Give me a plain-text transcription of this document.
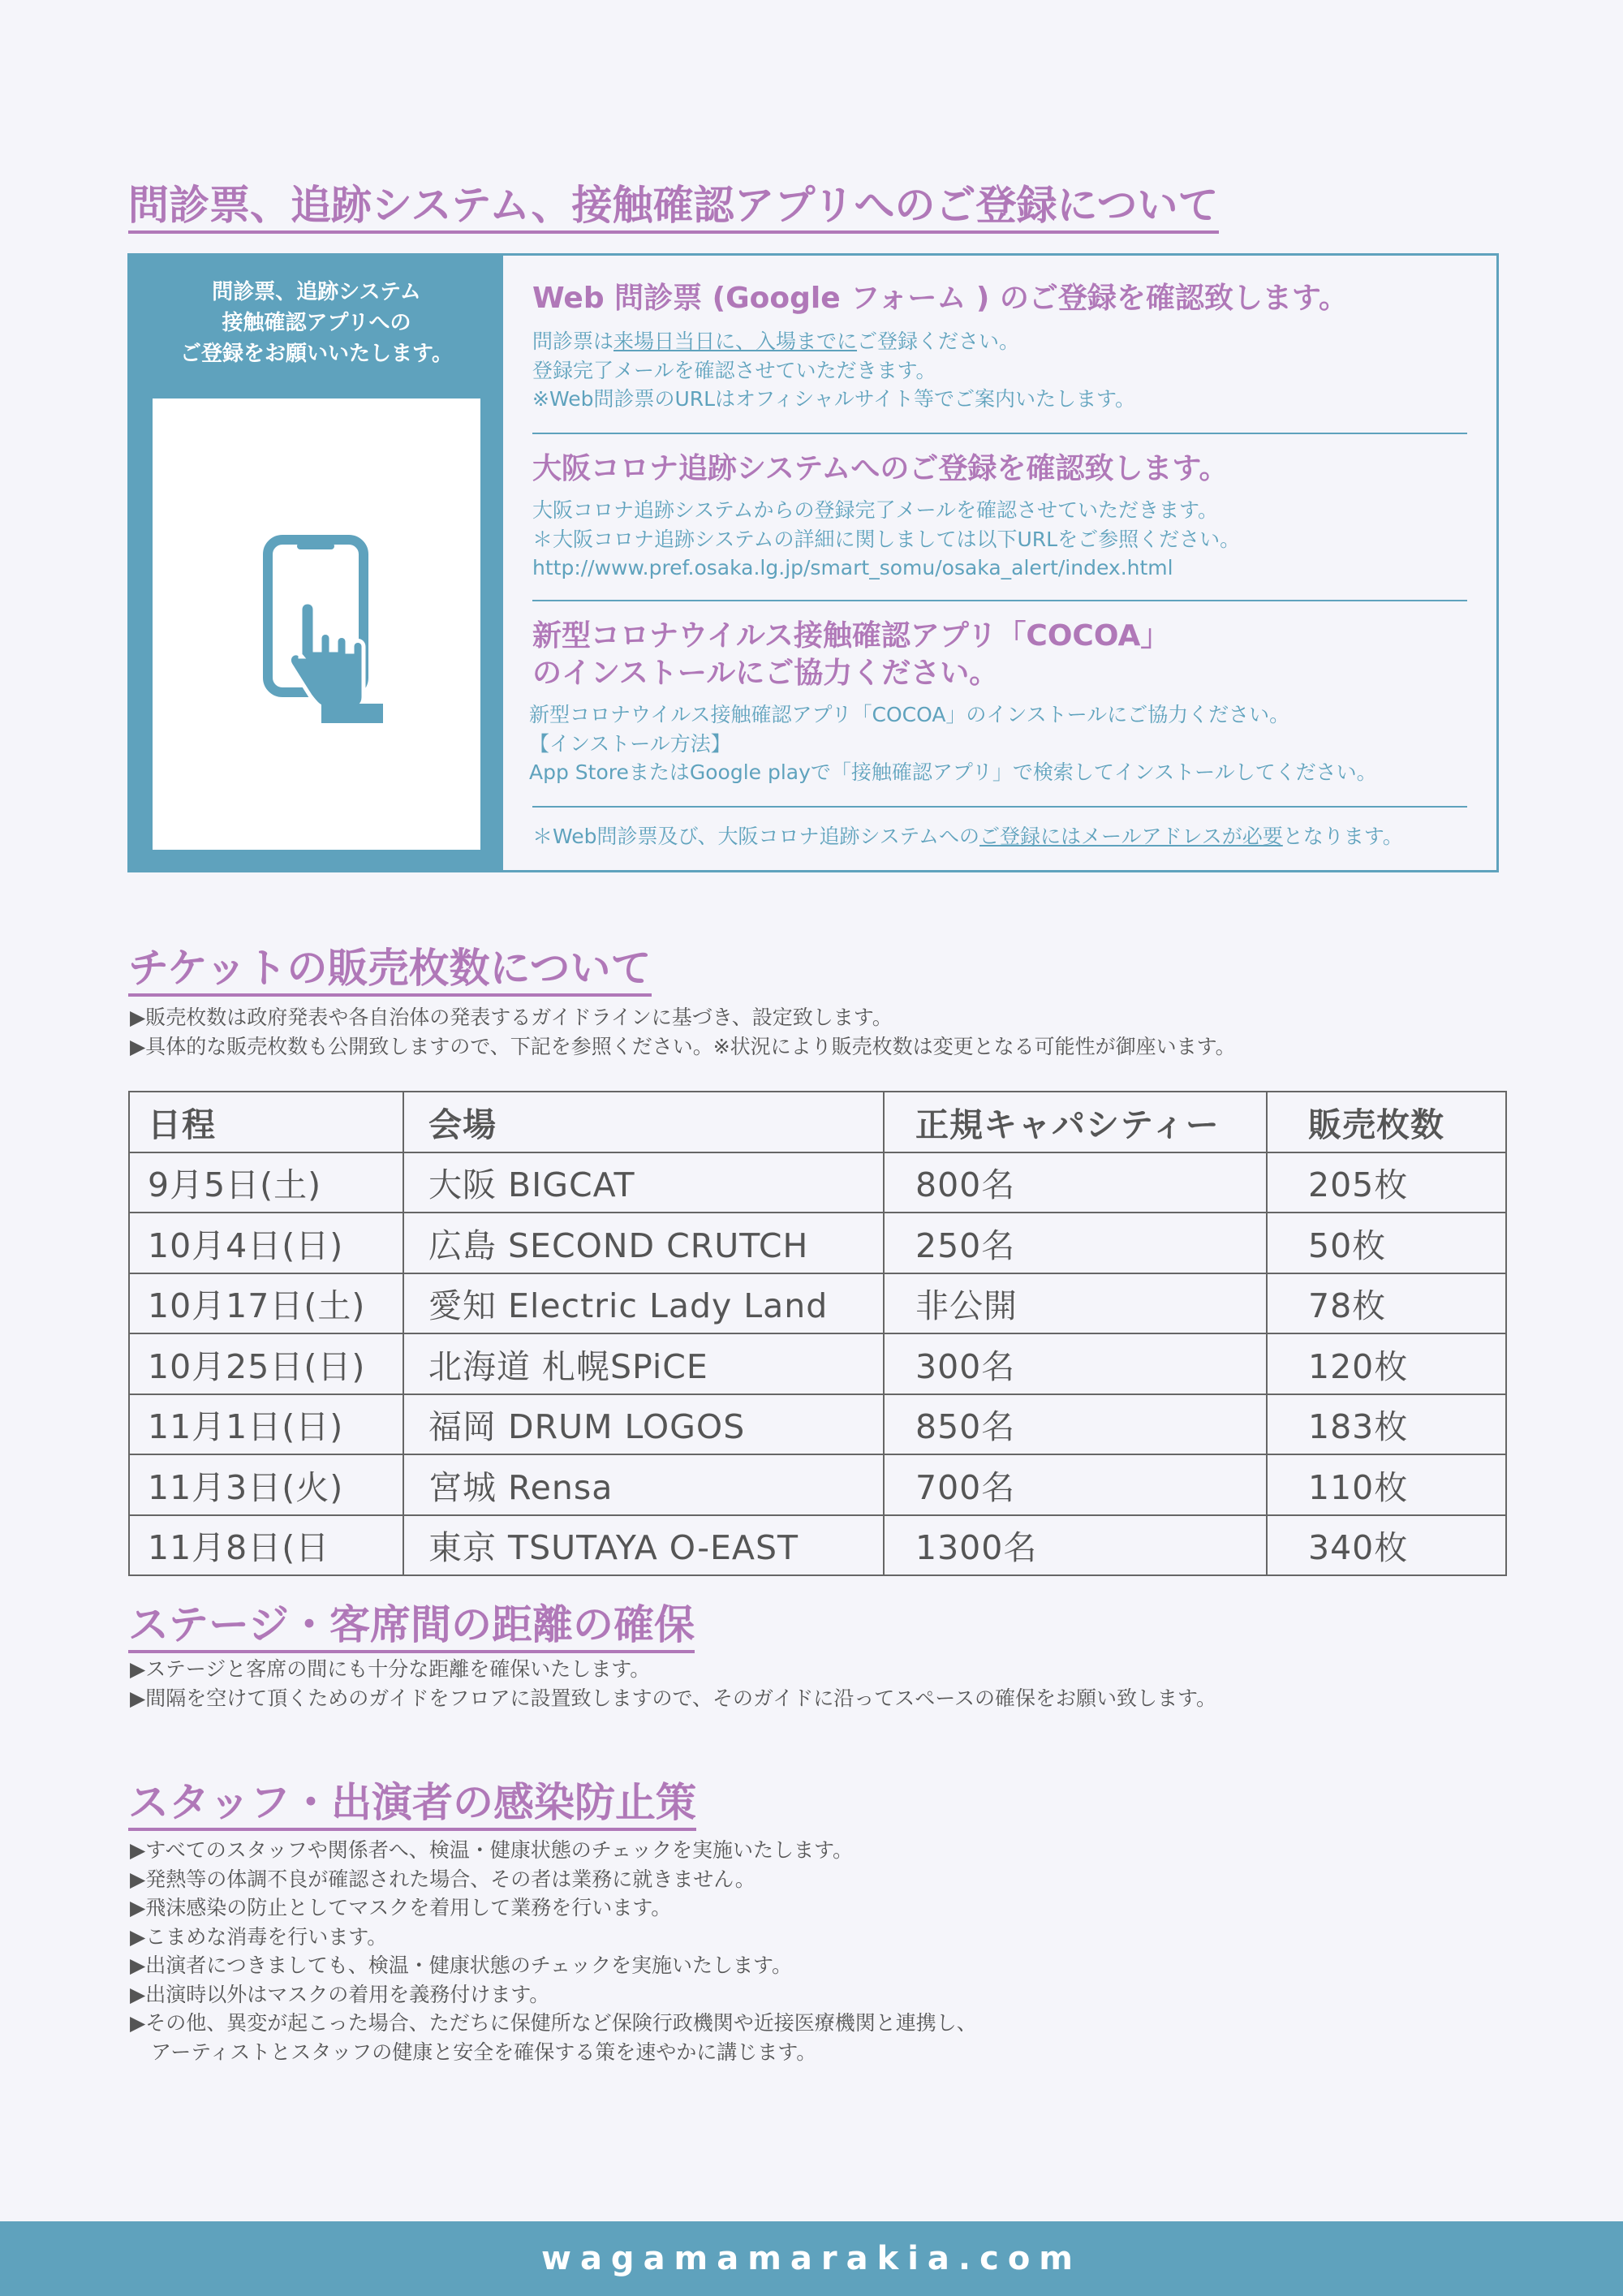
問診票、追跡システム、接触確認アプリへのご登録について
問診票、追跡システム
接触確認アプリへの
ご登録をお願いいたします。
Web 問診票 (Google フォーム ) のご登録を確認致します。
問診票は来場日当日に、入場までにご登録ください。
登録完了メールを確認させていただきます。
※Web問診票のURLはオフィシャルサイト等でご案内いたします。
大阪コロナ追跡システムへのご登録を確認致します。
大阪コロナ追跡システムからの登録完了メールを確認させていただきます。
＊大阪コロナ追跡システムの詳細に関しましては以下URLをご参照ください。
http://www.pref.osaka.lg.jp/smart_somu/osaka_alert/index.html
新型コロナウイルス接触確認アプリ「COCOA」
のインストールにご協力ください。
新型コロナウイルス接触確認アプリ「COCOA」のインストールにご協力ください。
【インストール方法】
App StoreまたはGoogle playで「接触確認アプリ」で検索してインストールしてください。
＊Web問診票及び、大阪コロナ追跡システムへのご登録にはメールアドレスが必要となります。
チケットの販売枚数について

▶販売枚数は政府発表や各自治体の発表するガイドラインに基づき、設定致します。

▶具体的な販売枚数も公開致しますので、下記を参照ください。※状況により販売枚数は変更となる可能性が御座います。

日程	会場	正規キャパシティー	販売枚数
9月5日(土)	大阪 BIGCAT	800名	205枚
10月4日(日)	広島 SECOND CRUTCH	250名	50枚
10月17日(土)	愛知 Electric Lady Land	非公開	78枚
10月25日(日)	北海道 札幌SPiCE	300名	120枚
11月1日(日)	福岡 DRUM LOGOS	850名	183枚
11月3日(火)	宮城 Rensa	700名	110枚
11月8日(日	東京 TSUTAYA O-EAST	1300名	340枚
ステージ・客席間の距離の確保

▶ステージと客席の間にも十分な距離を確保いたします。

▶間隔を空けて頂くためのガイドをフロアに設置致しますので、そのガイドに沿ってスペースの確保をお願い致します。

スタッフ・出演者の感染防止策

▶すべてのスタッフや関係者へ、検温・健康状態のチェックを実施いたします。

▶発熱等の体調不良が確認された場合、その者は業務に就きません。

▶飛沫感染の防止としてマスクを着用して業務を行います。

▶こまめな消毒を行います。

▶出演者につきましても、検温・健康状態のチェックを実施いたします。

▶出演時以外はマスクの着用を義務付けます。

▶その他、異変が起こった場合、ただちに保健所など保険行政機関や近接医療機関と連携し、

アーティストとスタッフの健康と安全を確保する策を速やかに講じます。

wagamamarakia.com
